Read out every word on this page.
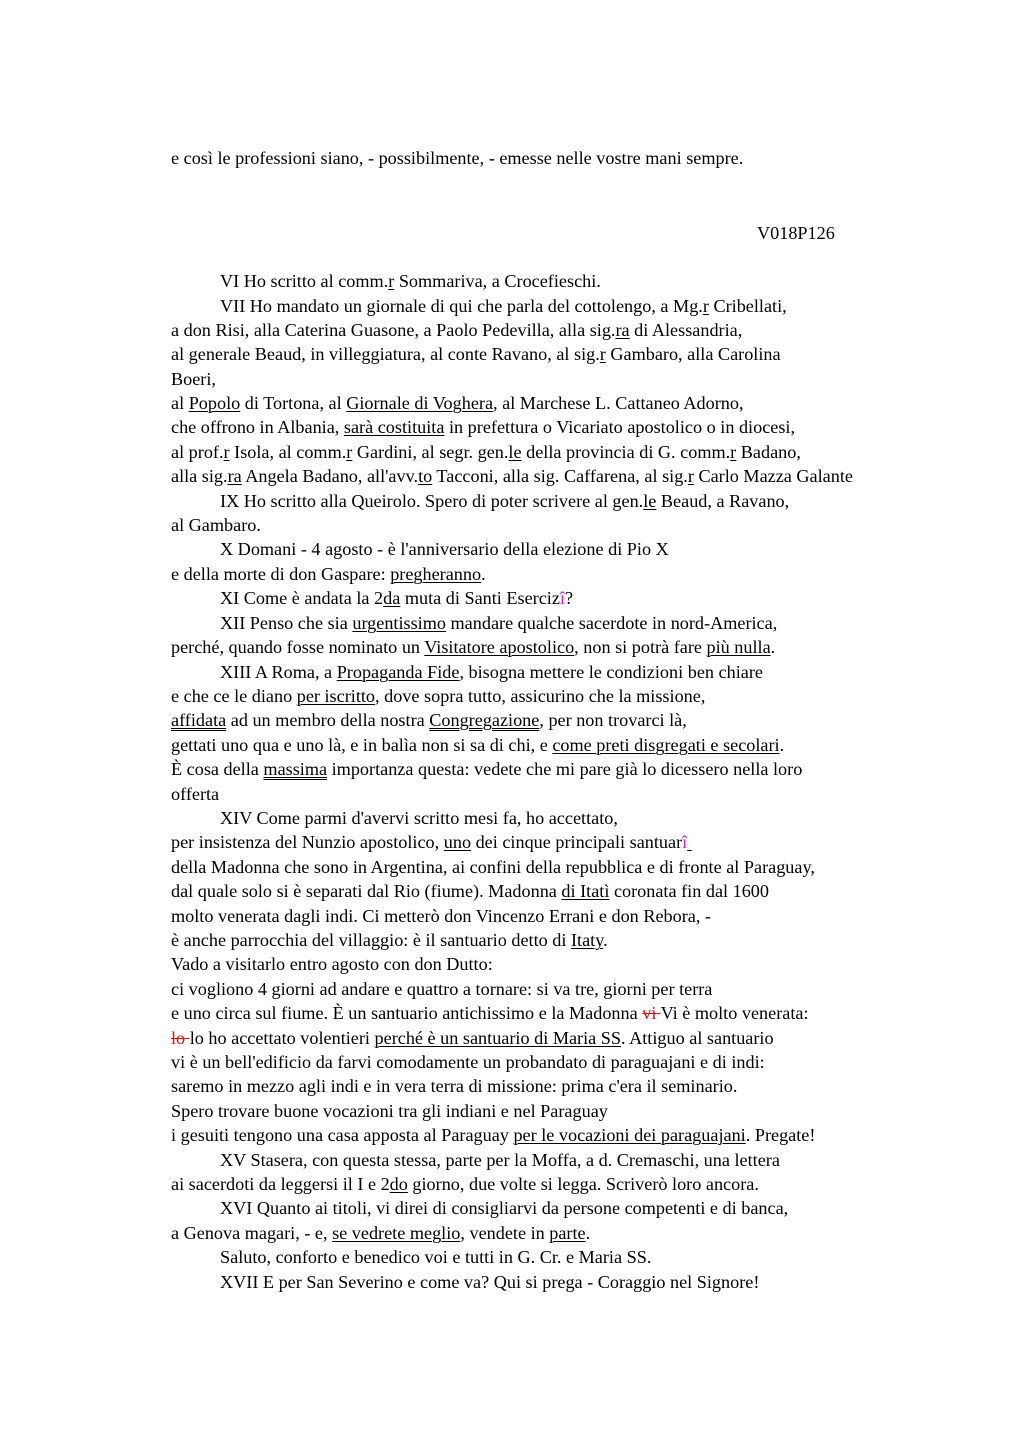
e così le professioni siano, - possibilmente, - emesse nelle vostre mani sempre.
V018P126
VI Ho scritto al comm.r Sommariva, a Crocefieschi.
VII Ho mandato un giornale di qui che parla del cottolengo, a Mg.r Cribellati,
a don Risi, alla Caterina Guasone, a Paolo Pedevilla, alla sig.ra di Alessandria,
al generale Beaud, in villeggiatura, al conte Ravano, al sig.r Gambaro, alla Carolina
Boeri,
al Popolo di Tortona, al Giornale di Voghera, al Marchese L. Cattaneo Adorno,
che offrono in Albania, sarà costituita in prefettura o Vicariato apostolico o in diocesi,
al prof.r Isola, al comm.r Gardini, al segr. gen.le della provincia di G. comm.r Badano,
alla sig.ra Angela Badano, all'avv.to Tacconi, alla sig. Caffarena, al sig.r Carlo Mazza Galante
IX Ho scritto alla Queirolo. Spero di poter scrivere al gen.le Beaud, a Ravano,
al Gambaro.
X Domani - 4 agosto - è l'anniversario della elezione di Pio X
e della morte di don Gaspare: pregheranno.
XI Come è andata la 2da muta di Santi Esercizî?
XII Penso che sia urgentissimo mandare qualche sacerdote in nord-America,
perché, quando fosse nominato un Visitatore apostolico, non si potrà fare più nulla.
XIII A Roma, a Propaganda Fide, bisogna mettere le condizioni ben chiare
e che ce le diano per iscritto, dove sopra tutto, assicurino che la missione,
affidata ad un membro della nostra Congregazione, per non trovarci là,
gettati uno qua e uno là, e in balìa non si sa di chi, e come preti disgregati e secolari.
È cosa della massima importanza questa: vedete che mi pare già lo dicessero nella loro
offerta
XIV Come parmi d'avervi scritto mesi fa, ho accettato,
per insistenza del Nunzio apostolico, uno dei cinque principali santuarî
della Madonna che sono in Argentina, ai confini della repubblica e di fronte al Paraguay,
dal quale solo si è separati dal Rio (fiume). Madonna di Itatì coronata fin dal 1600
molto venerata dagli indi. Ci metterò don Vincenzo Errani e don Rebora, -
è anche parrocchia del villaggio: è il santuario detto di Itaty.
Vado a visitarlo entro agosto con don Dutto:
ci vogliono 4 giorni ad andare e quattro a tornare: si va tre, giorni per terra
e uno circa sul fiume. È un santuario antichissimo e la Madonna vi Vi è molto venerata:
lo lo ho accettato volentieri perché è un santuario di Maria SS. Attiguo al santuario
vi è un bell'edificio da farvi comodamente un probandato di paraguajani e di indi:
saremo in mezzo agli indi e in vera terra di missione: prima c'era il seminario.
Spero trovare buone vocazioni tra gli indiani e nel Paraguay
i gesuiti tengono una casa apposta al Paraguay per le vocazioni dei paraguajani. Pregate!
XV Stasera, con questa stessa, parte per la Moffa, a d. Cremaschi, una lettera
ai sacerdoti da leggersi il I e 2do giorno, due volte si legga. Scriverò loro ancora.
XVI Quanto ai titoli, vi direi di consigliarvi da persone competenti e di banca,
a Genova magari, - e, se vedrete meglio, vendete in parte.
Saluto, conforto e benedico voi e tutti in G. Cr. e Maria SS.
XVII E per San Severino e come va? Qui si prega - Coraggio nel Signore!
